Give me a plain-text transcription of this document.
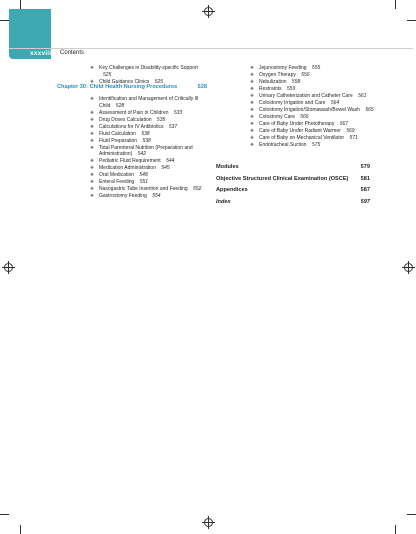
xxxviii Contents
❖ Key Challenges in Disability-specific Support 525
❖ Child Guidance Clinics 525
Chapter 30: Child Health Nursing Procedures	528
❖ Identification and Management of Critically Ill
Child 528
❖ Assessment of Pain in Children 533
❖ Drug Doses Calculation 535
❖ Calculations for IV Antibiotics 537
❖ Fluid Calculation 538
❖ Fluid Preparation 538
❖ Total Parenteral Nutrition (Preparation and
Administration) 542
❖ Pediatric Fluid Requirement 544
❖ Medication Administration 545
❖ Oral Medication 548
❖ Enteral Feeding 551
❖ Nasogastric Tube Insertion and Feeding 552
❖ Gastrostomy Feeding 554
❖ Jejunostomy Feeding 555
❖ Oxygen Therapy 556
❖ Nebulization 558
❖ Restraints 559
❖ Urinary Catheterization and Catheter Care 561
❖ Colostomy Irrigation and Care 564
❖ Colostomy Irrigation/Stomawash/Bowel Wash 565
❖ Colostomy Care 566
❖ Care of Baby Under Phototherapy 567
❖ Care of Baby Under Radiant Warmer 569
❖ Care of Baby on Mechanical Ventilator 571
❖ Endotracheal Suction 575
Modules	579
Objective Structured Clinical Examination (OSCE) 581
Appendices	587
Index	597
